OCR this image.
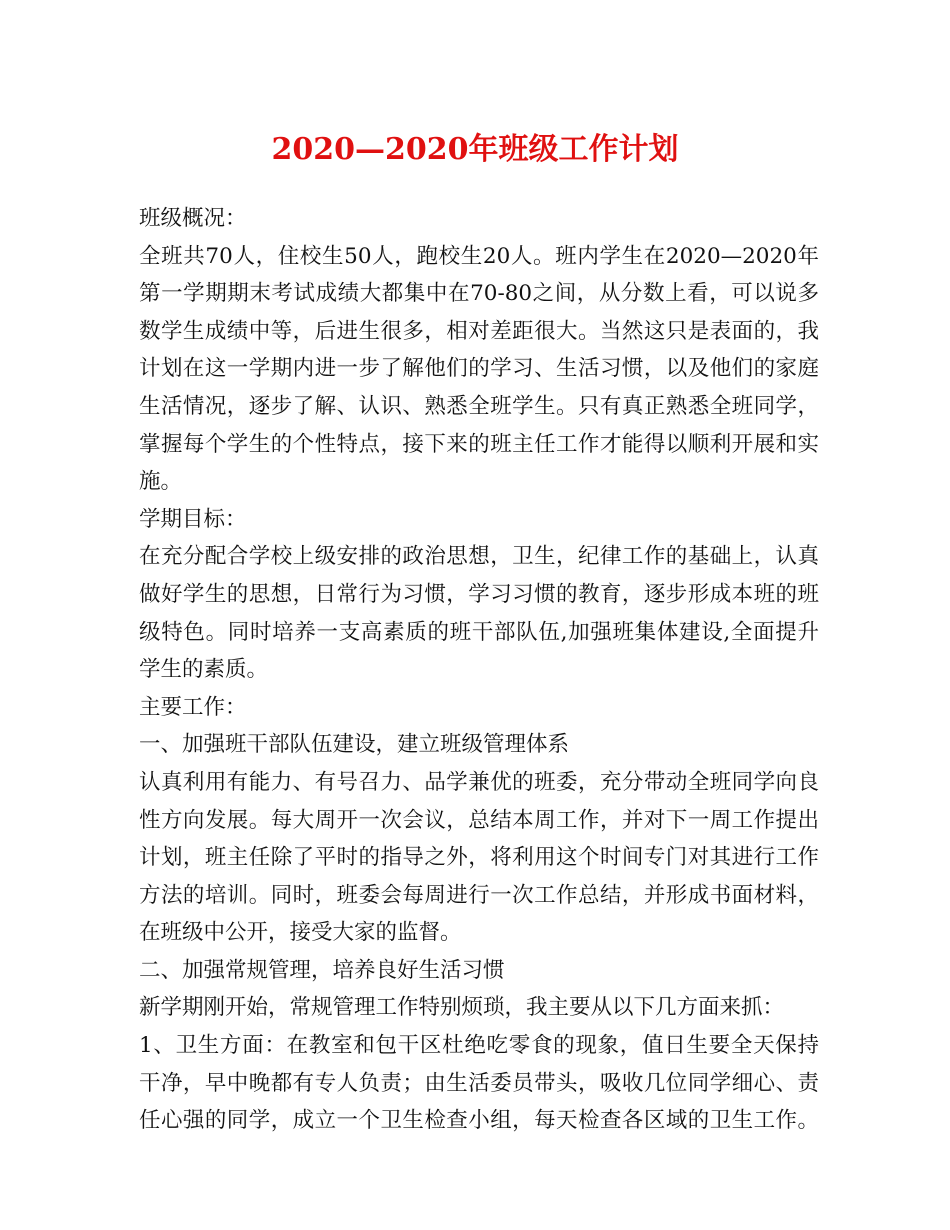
2020—2020年班级工作计划
班级概况：
全班共70人，住校生50人，跑校生20人。班内学生在2020—2020年
第一学期期末考试成绩大都集中在70-80之间，从分数上看，可以说多
数学生成绩中等，后进生很多，相对差距很大。当然这只是表面的，我
计划在这一学期内进一步了解他们的学习、生活习惯，以及他们的家庭
生活情况，逐步了解、认识、熟悉全班学生。只有真正熟悉全班同学，
掌握每个学生的个性特点，接下来的班主任工作才能得以顺利开展和实
施。
学期目标：
在充分配合学校上级安排的政治思想，卫生，纪律工作的基础上，认真
做好学生的思想，日常行为习惯，学习习惯的教育，逐步形成本班的班
级特色。同时培养一支高素质的班干部队伍,加强班集体建设,全面提升
学生的素质。
主要工作：
一、加强班干部队伍建设，建立班级管理体系
认真利用有能力、有号召力、品学兼优的班委，充分带动全班同学向良
性方向发展。每大周开一次会议，总结本周工作，并对下一周工作提出
计划，班主任除了平时的指导之外，将利用这个时间专门对其进行工作
方法的培训。同时，班委会每周进行一次工作总结，并形成书面材料，
在班级中公开，接受大家的监督。
二、加强常规管理，培养良好生活习惯
新学期刚开始，常规管理工作特别烦琐，我主要从以下几方面来抓：
1、卫生方面：在教室和包干区杜绝吃零食的现象，值日生要全天保持
干净，早中晚都有专人负责；由生活委员带头，吸收几位同学细心、责
任心强的同学，成立一个卫生检查小组，每天检查各区域的卫生工作。
